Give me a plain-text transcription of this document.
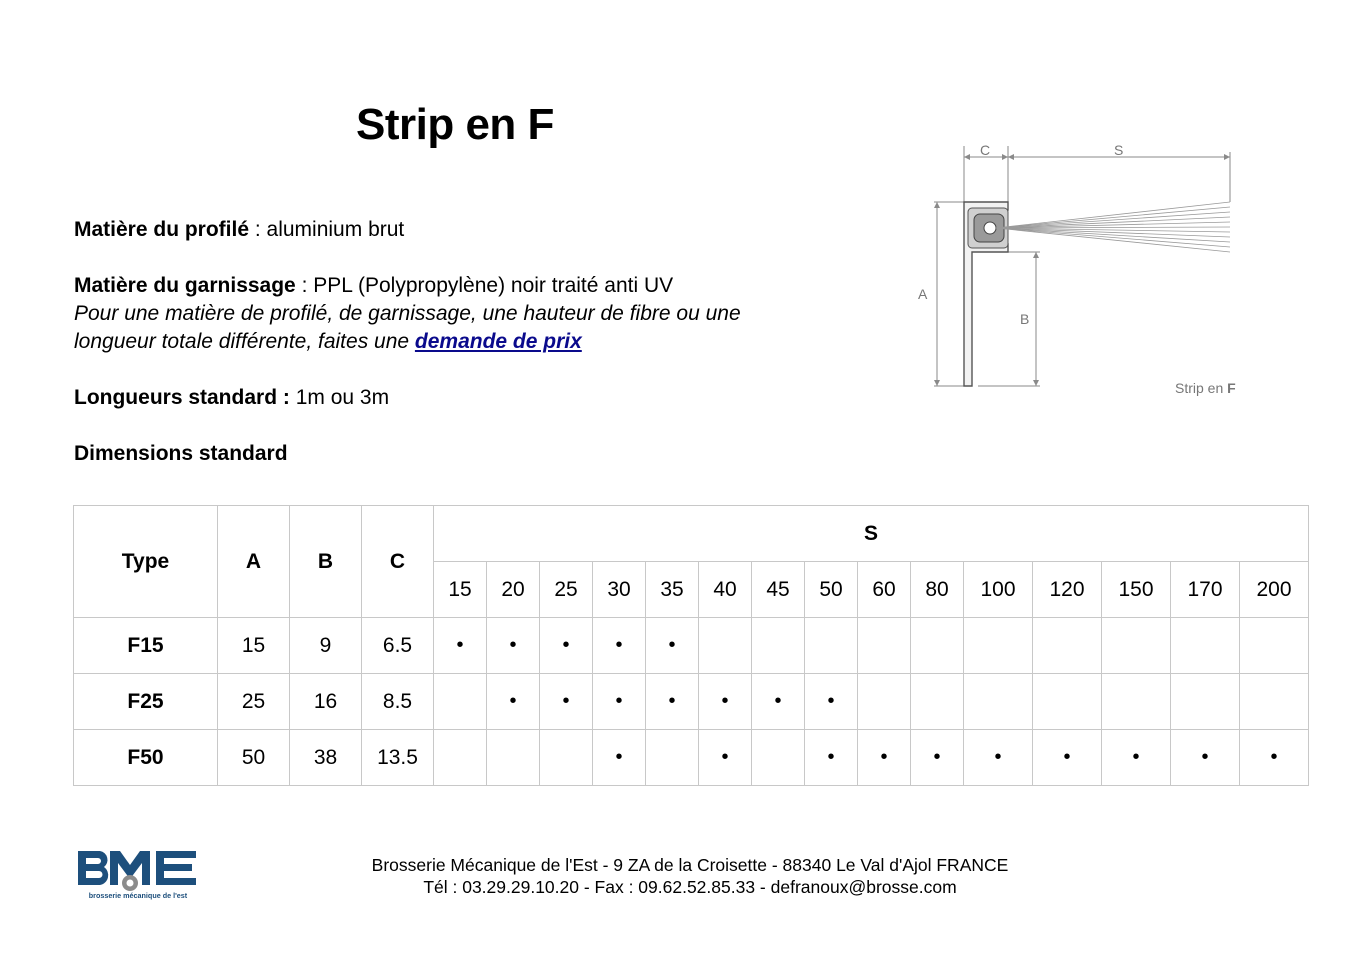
Strip en F
Matière du profilé : aluminium brut
Matière du garnissage : PPL (Polypropylène) noir traité anti UV
Pour une matière de profilé, de garnissage, une hauteur de fibre ou une
longueur totale différente, faites une demande de prix
Longueurs standard : 1m ou 3m
Dimensions standard
C	S
A
B
Strip en F
Type	A	B	C	S														
				15	20	25	30	35	40	45	50	60	80	100	120	150	170	200
F15	15	9	6.5	•	•	•	•	•										
F25	25	16	8.5		•	•	•	•	•	•	•							
F50	50	38	13.5				•		•		•	•	•	•	•	•	•	•
brosserie mécanique de l'est
Brosserie Mécanique de l'Est - 9 ZA de la Croisette - 88340 Le Val d'Ajol FRANCE
Tél : 03.29.29.10.20 - Fax : 09.62.52.85.33 - defranoux@brosse.com
